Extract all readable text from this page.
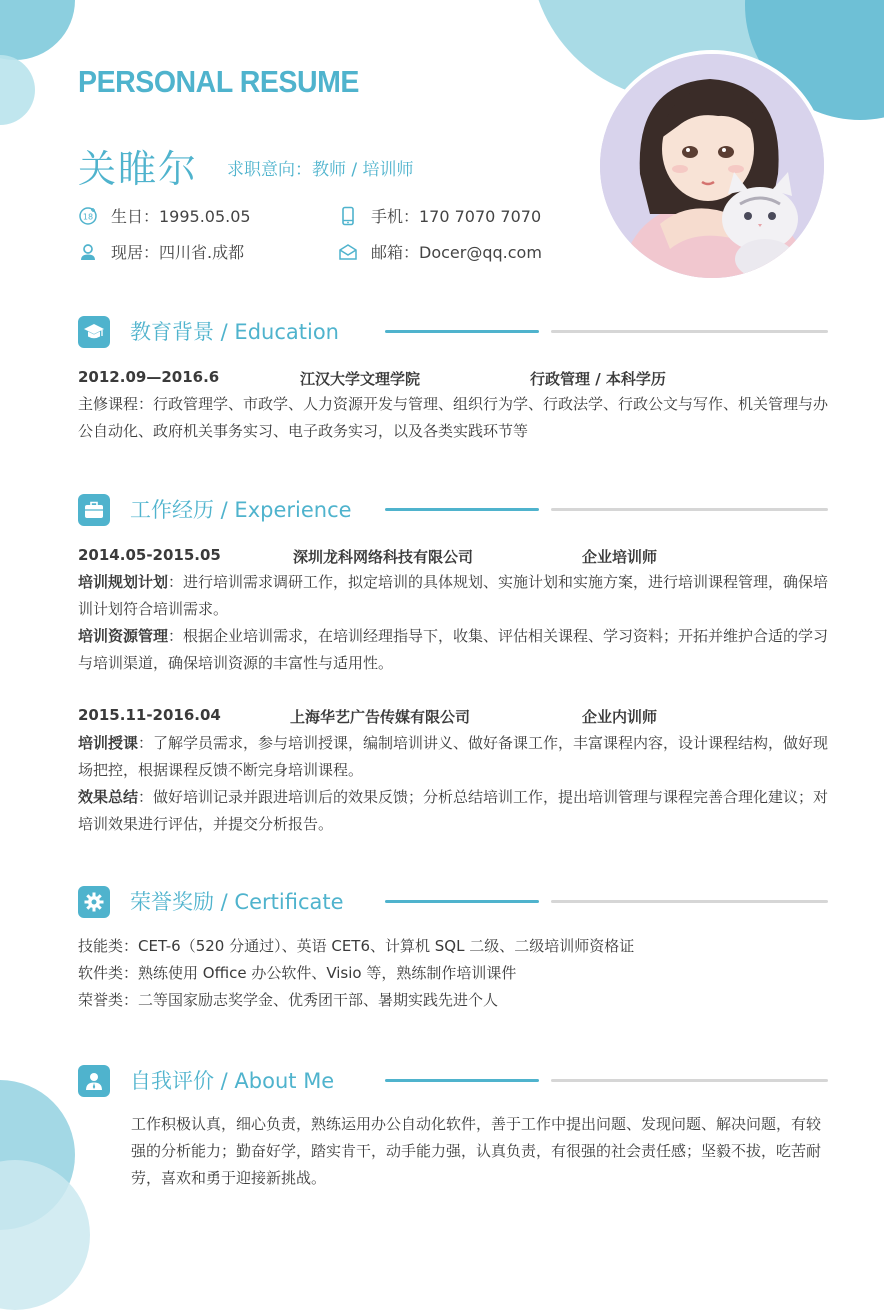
PERSONAL RESUME
关睢尔 求职意向：教师 / 培训师
18 生日：1995.05.05	手机：170 7070 7070
现居：四川省.成都	邮箱：Docer@qq.com
教育背景 / Education
2012.09—2016.6	江汉大学文理学院	行政管理 / 本科学历

主修课程：行政管理学、市政学、人力资源开发与管理、组织行为学、行政法学、行政公文与写作、机关管理与办公自动化、政府机关事务实习、电子政务实习，以及各类实践环节等

工作经历 / Experience
2014.05-2015.05	深圳龙科网络科技有限公司	企业培训师

培训规划计划：进行培训需求调研工作，拟定培训的具体规划、实施计划和实施方案，进行培训课程管理，确保培训计划符合培训需求。

培训资源管理：根据企业培训需求，在培训经理指导下，收集、评估相关课程、学习资料；开拓并维护合适的学习与培训渠道，确保培训资源的丰富性与适用性。

2015.11-2016.04	上海华艺广告传媒有限公司	企业内训师

培训授课：了解学员需求，参与培训授课，编制培训讲义、做好备课工作，丰富课程内容，设计课程结构，做好现场把控，根据课程反馈不断完身培训课程。

效果总结：做好培训记录并跟进培训后的效果反馈；分析总结培训工作，提出培训管理与课程完善合理化建议；对培训效果进行评估，并提交分析报告。

荣誉奖励 / Certificate

技能类：CET-6（520 分通过）、英语 CET6、计算机 SQL 二级、二级培训师资格证

软件类：熟练使用 Office 办公软件、Visio 等，熟练制作培训课件

荣誉类：二等国家励志奖学金、优秀团干部、暑期实践先进个人

自我评价 / About Me

工作积极认真，细心负责，熟练运用办公自动化软件，善于工作中提出问题、发现问题、解决问题，有较强的分析能力；勤奋好学，踏实肯干，动手能力强，认真负责，有很强的社会责任感；坚毅不拔，吃苦耐劳，喜欢和勇于迎接新挑战。
